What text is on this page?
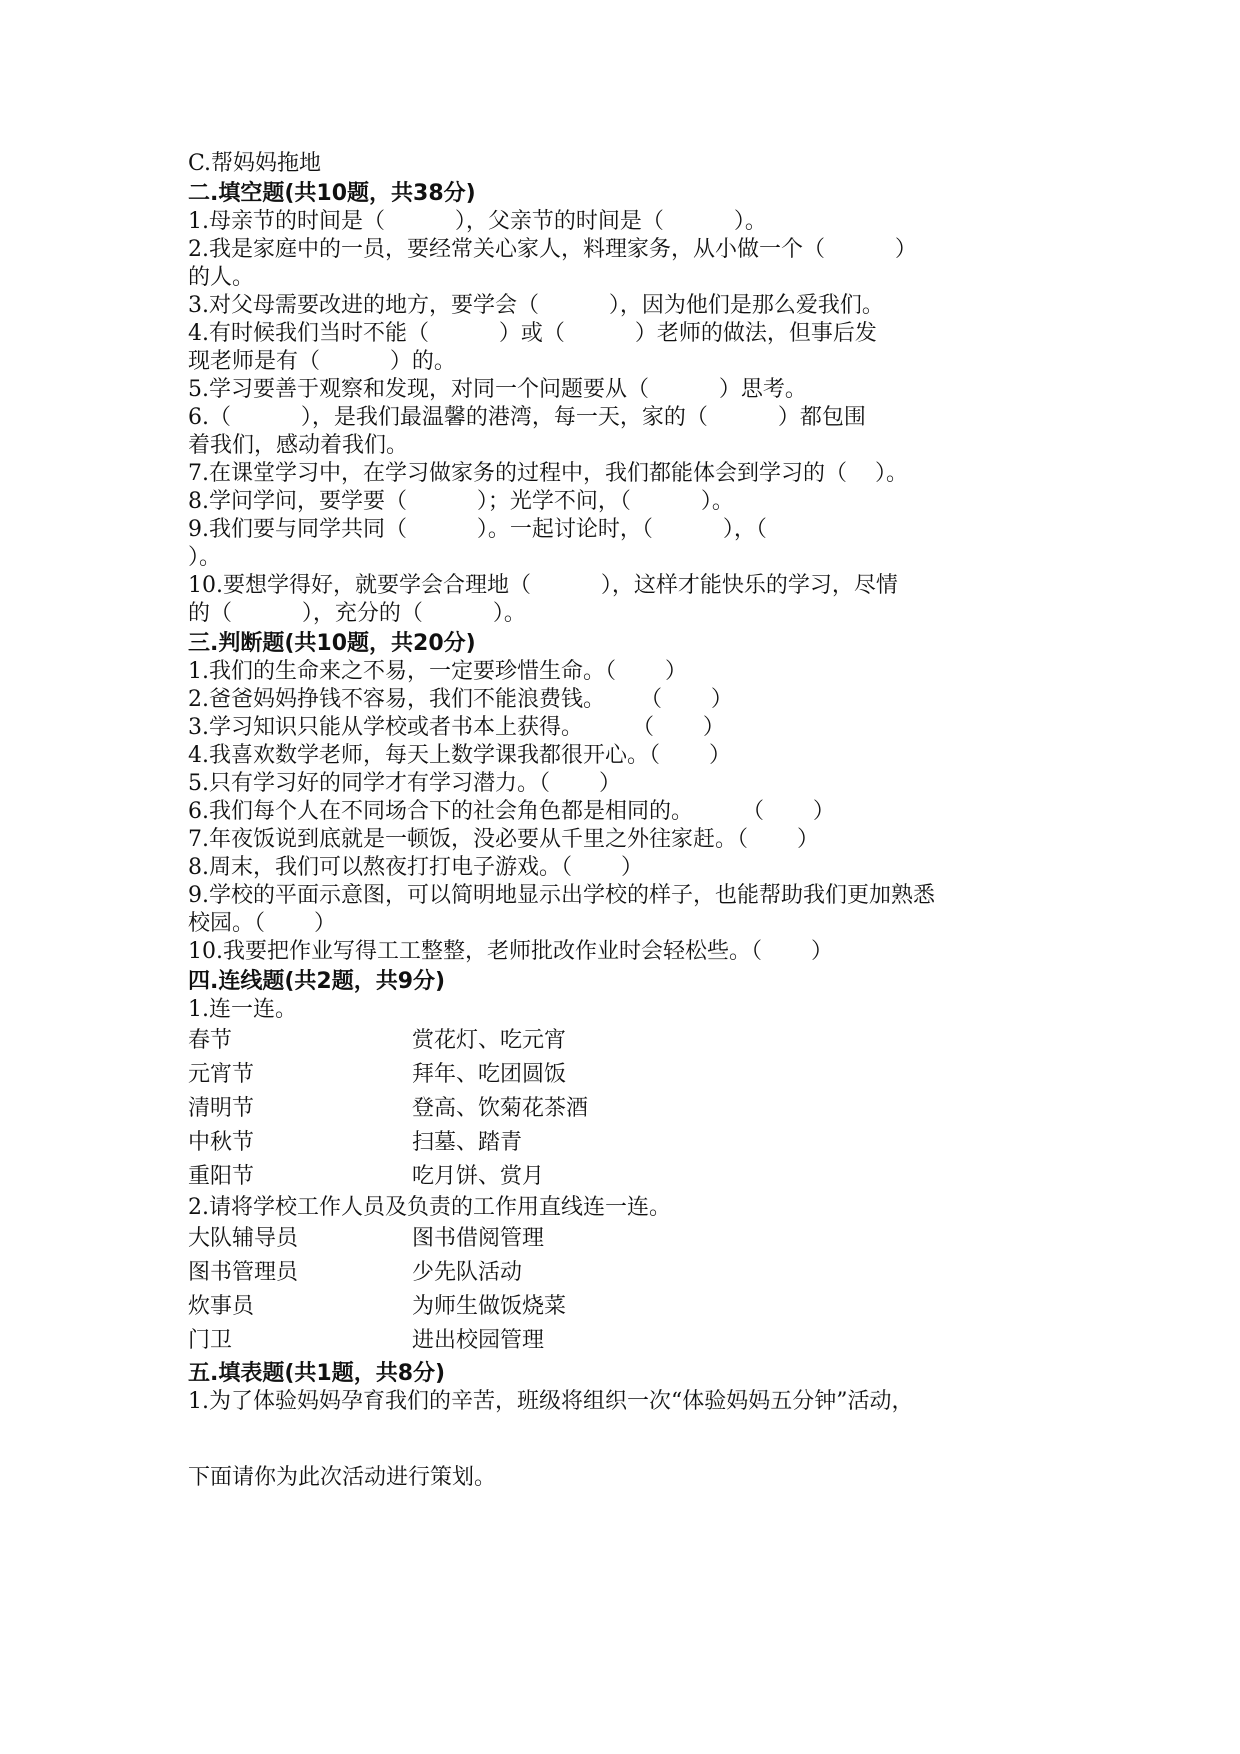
C.帮妈妈拖地
二.填空题(共10题，共38分)
1.母亲节的时间是（          ），父亲节的时间是（          ）。
2.我是家庭中的一员，要经常关心家人，料理家务，从小做一个（          ）
的人。
3.对父母需要改进的地方，要学会（          ），因为他们是那么爱我们。
4.有时候我们当时不能（          ）或（          ）老师的做法，但事后发
现老师是有（          ）的。
5.学习要善于观察和发现，对同一个问题要从（          ）思考。
6.（          ），是我们最温馨的港湾，每一天，家的（          ）都包围
着我们，感动着我们。
7.在课堂学习中，在学习做家务的过程中，我们都能体会到学习的（    ）。
8.学问学问，要学要（          ）；光学不问，（          ）。
9.我们要与同学共同（          ）。一起讨论时，（          ），（
）。
10.要想学得好，就要学会合理地（          ），这样才能快乐的学习，尽情
的（          ），充分的（          ）。
三.判断题(共10题，共20分)
1.我们的生命来之不易，一定要珍惜生命。（       ）
2.爸爸妈妈挣钱不容易，我们不能浪费钱。     （       ）
3.学习知识只能从学校或者书本上获得。       （       ）
4.我喜欢数学老师，每天上数学课我都很开心。（       ）
5.只有学习好的同学才有学习潜力。（       ）
6.我们每个人在不同场合下的社会角色都是相同的。       （       ）
7.年夜饭说到底就是一顿饭，没必要从千里之外往家赶。（       ）
8.周末，我们可以熬夜打打电子游戏。（       ）
9.学校的平面示意图，可以简明地显示出学校的样子，也能帮助我们更加熟悉
校园。（       ）
10.我要把作业写得工工整整，老师批改作业时会轻松些。（       ）
四.连线题(共2题，共9分)
1.连一连。
春节	赏花灯、吃元宵
元宵节	拜年、吃团圆饭
清明节	登高、饮菊花茶酒
中秋节	扫墓、踏青
重阳节	吃月饼、赏月
2.请将学校工作人员及负责的工作用直线连一连。
大队辅导员	图书借阅管理
图书管理员	少先队活动
炊事员	为师生做饭烧菜
门卫	进出校园管理
五.填表题(共1题，共8分)
1.为了体验妈妈孕育我们的辛苦，班级将组织一次“体验妈妈五分钟”活动，
下面请你为此次活动进行策划。
